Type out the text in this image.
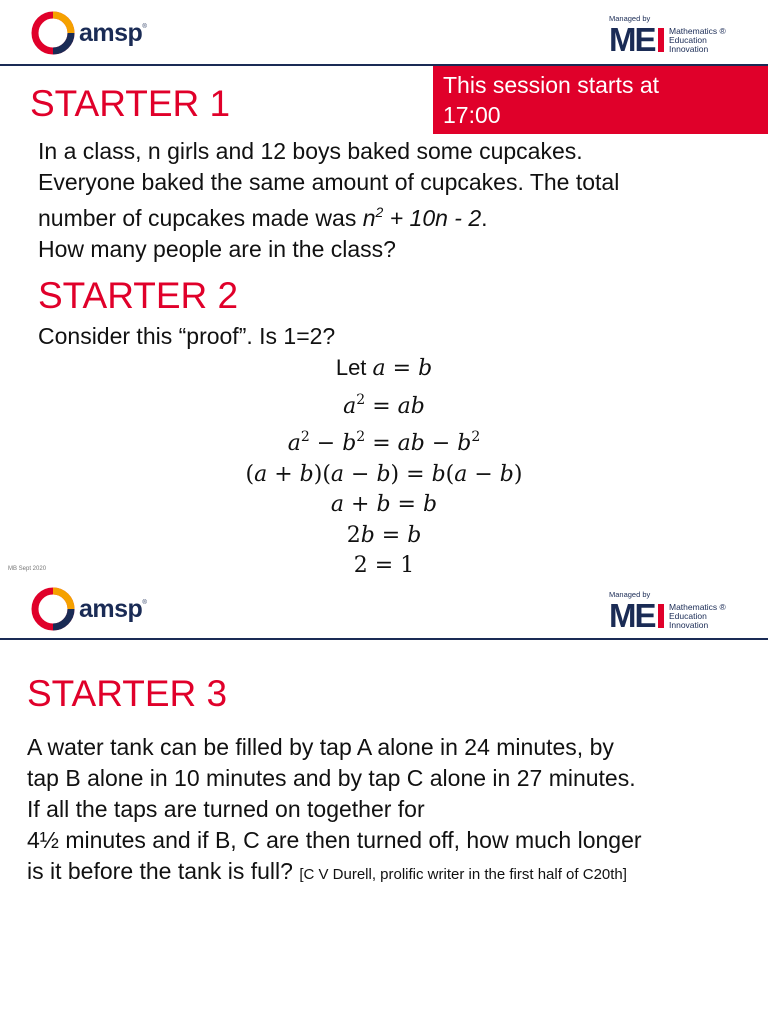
amsp ®
Managed by
ME	Mathematics ®
Education
Innovation
STARTER 1	This session starts at
17:00
In a class, n girls and 12 boys baked some cupcakes.
Everyone baked the same amount of cupcakes. The total
number of cupcakes made was $n^2 + 10n - 2$.
How many people are in the class?
STARTER 2
Consider this “proof”. Is 1=2?
Let a = b
$a^2$ = ab
$a^2 - b^2$ = ab − $b^2$
(a + b)(a − b) = b(a − b)
a + b = b
2b = b
2 = 1
MB Sept 2020
amsp ®
Managed by
ME	Mathematics ®
Education
Innovation
STARTER 3
A water tank can be filled by tap A alone in 24 minutes, by
tap B alone in 10 minutes and by tap C alone in 27 minutes.
If all the taps are turned on together for
4½ minutes and if B, C are then turned off, how much longer
is it before the tank is full? [C V Durell, prolific writer in the first half of C20th]
